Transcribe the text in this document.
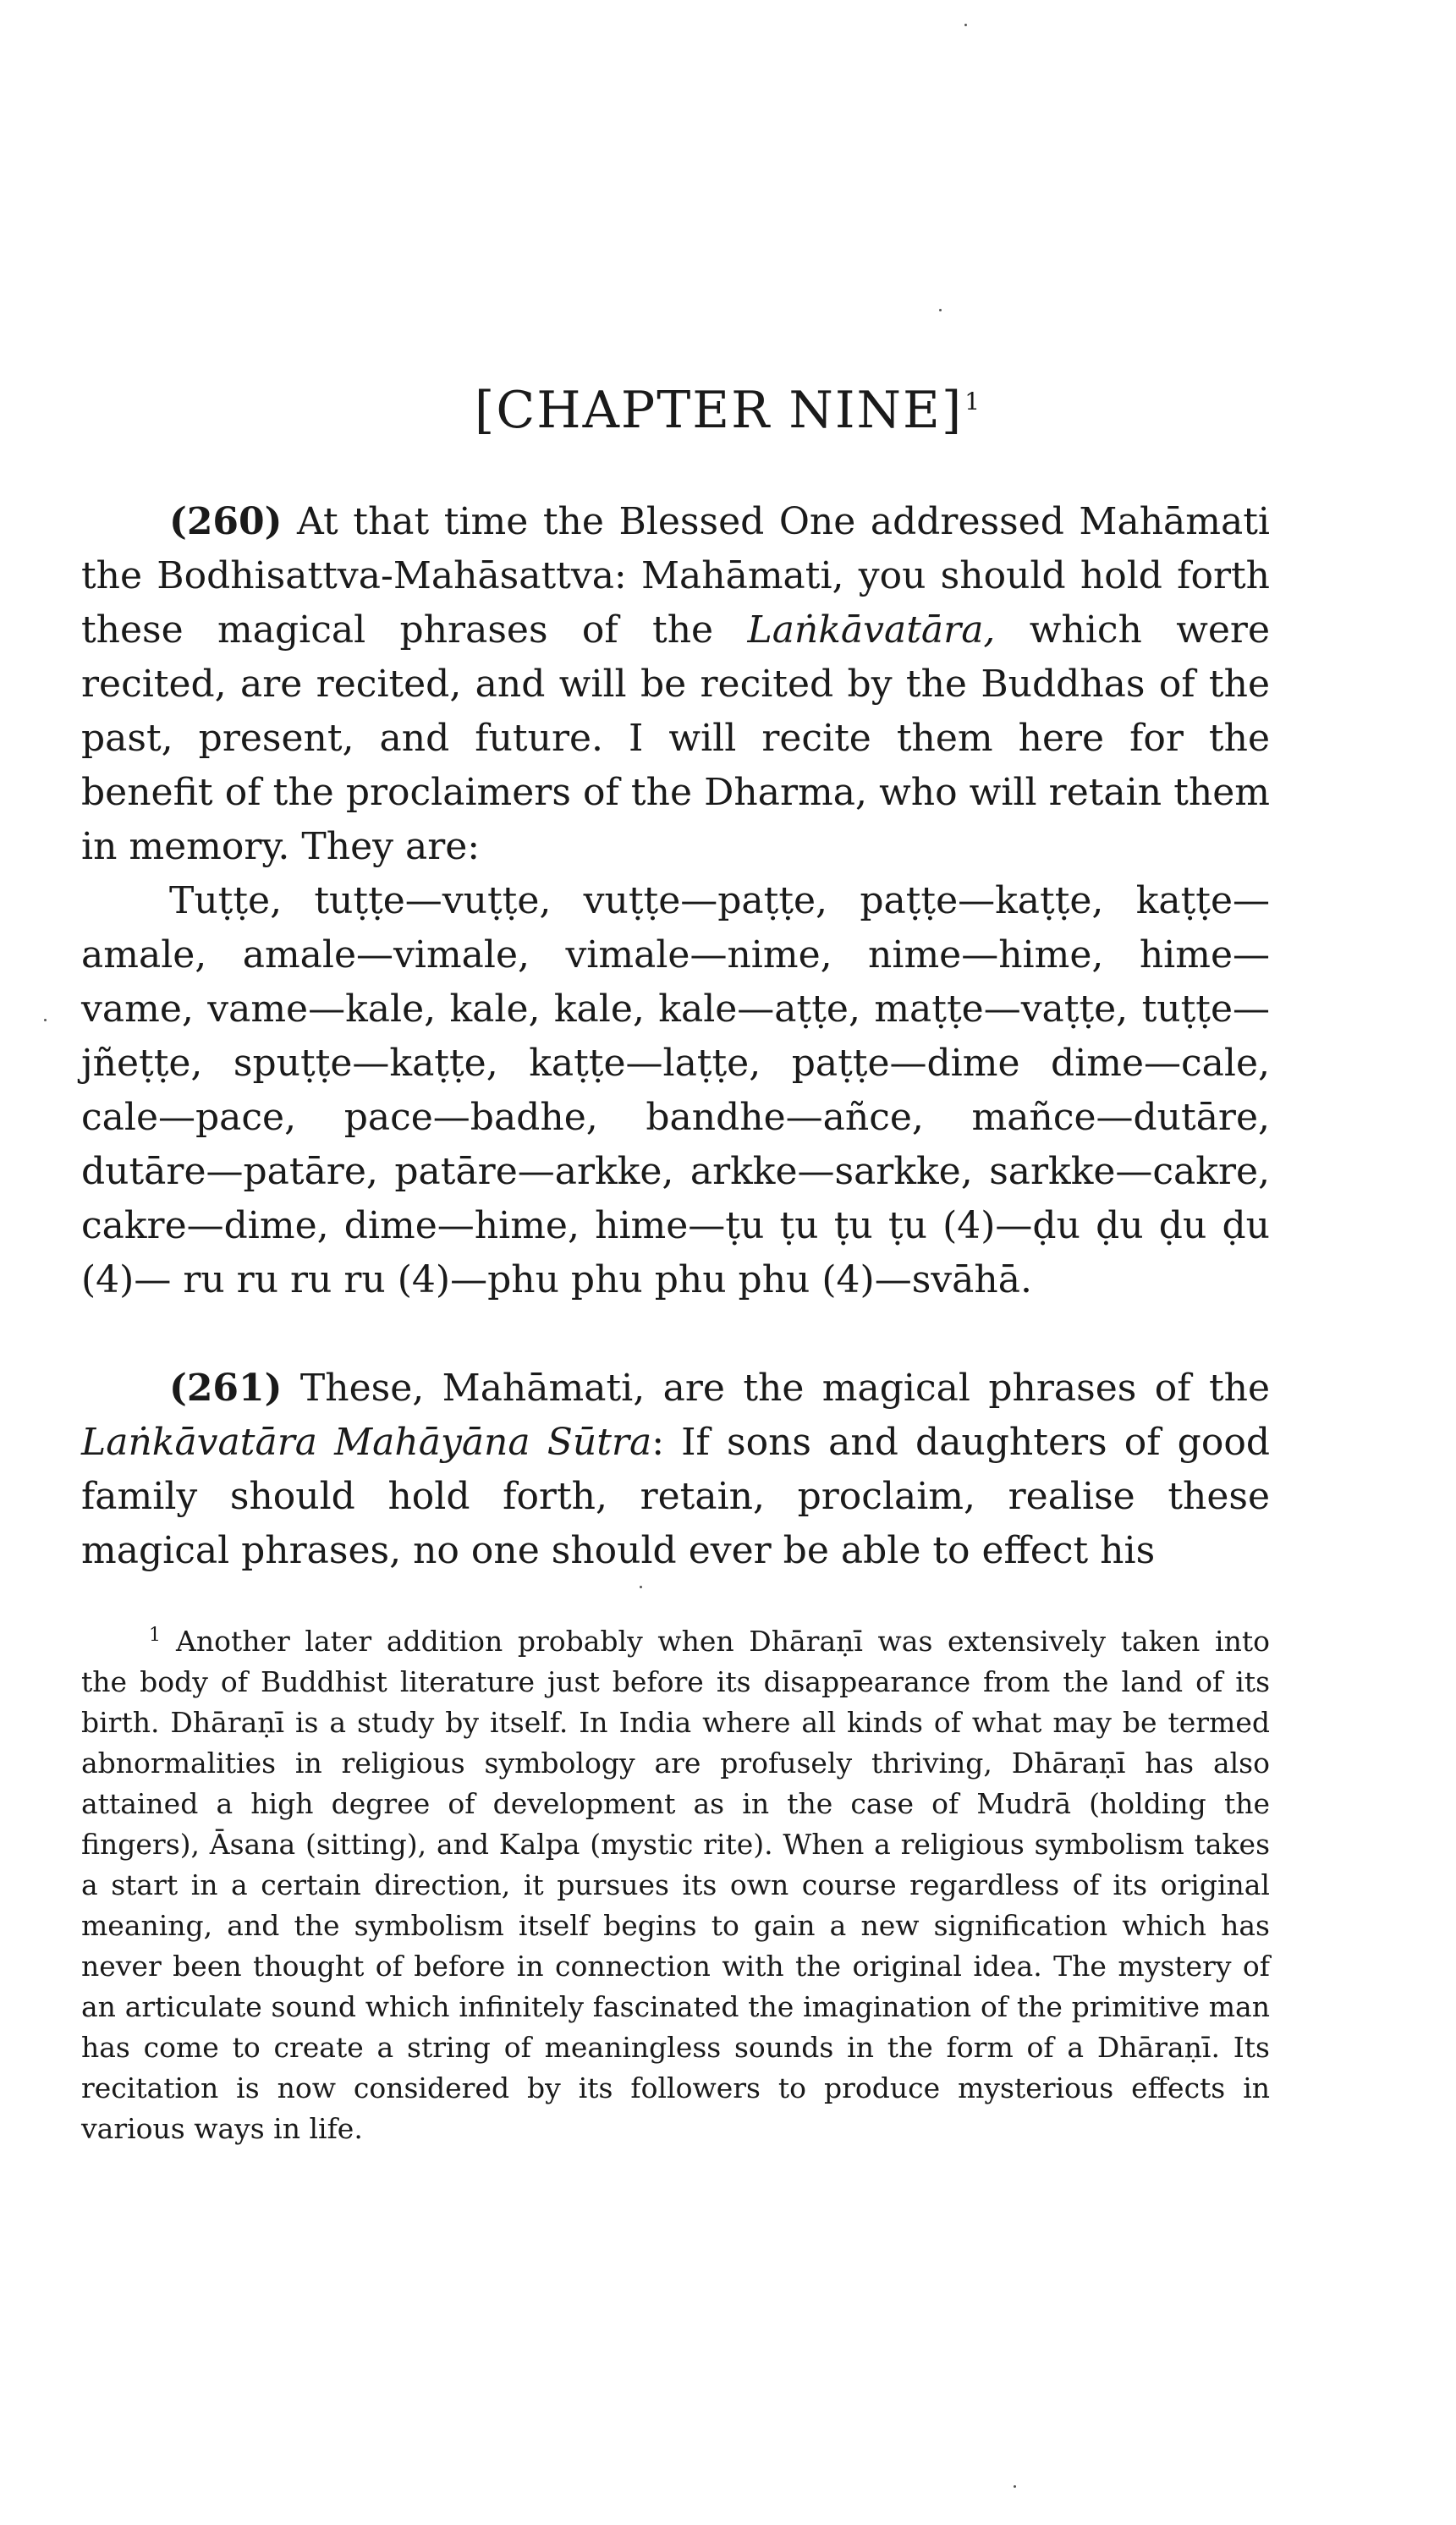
[CHAPTER NINE]$^1$

(260) At that time the Blessed One addressed Mahāmati the Bodhisattva-Mahāsattva: Mahāmati, you should hold forth these magical phrases of the Laṅkāvatāra, which were recited, are recited, and will be recited by the Buddhas of the past, present, and future. I will recite them here for the benefit of the proclaimers of the Dharma, who will retain them in memory. They are:

Tuṭṭe, tuṭṭe—vuṭṭe, vuṭṭe—paṭṭe, paṭṭe—kaṭṭe, kaṭṭe—amale, amale—vimale, vimale—nime, nime—hime, hime—vame, vame—kale, kale, kale, kale—aṭṭe, maṭṭe—vaṭṭe, tuṭṭe—jñeṭṭe, spuṭṭe—kaṭṭe, kaṭṭe—laṭṭe, paṭṭe—dime dime—cale, cale—pace, pace—badhe, bandhe—añce, mañce—dutāre, dutāre—patāre, patāre—arkke, arkke—sarkke, sarkke—cakre, cakre—dime, dime—hime, hime—ṭu ṭu ṭu ṭu (4)—ḍu ḍu ḍu ḍu (4)— ru ru ru ru (4)—phu phu phu phu (4)—svāhā.

(261) These, Mahāmati, are the magical phrases of the Laṅkāvatāra Mahāyāna Sūtra: If sons and daughters of good family should hold forth, retain, proclaim, realise these magical phrases, no one should ever be able to effect his

$^1$ Another later addition probably when Dhāraṇī was extensively taken into the body of Buddhist literature just before its disappearance from the land of its birth. Dhāraṇī is a study by itself. In India where all kinds of what may be termed abnormalities in religious symbology are profusely thriving, Dhāraṇī has also attained a high degree of development as in the case of Mudrā (holding the fingers), Āsana (sitting), and Kalpa (mystic rite). When a religious symbolism takes a start in a certain direction, it pursues its own course regardless of its original meaning, and the symbolism itself begins to gain a new signification which has never been thought of before in connection with the original idea. The mystery of an articulate sound which infinitely fascinated the imagination of the primitive man has come to create a string of meaningless sounds in the form of a Dhāraṇī. Its recitation is now considered by its followers to produce mysterious effects in various ways in life.
